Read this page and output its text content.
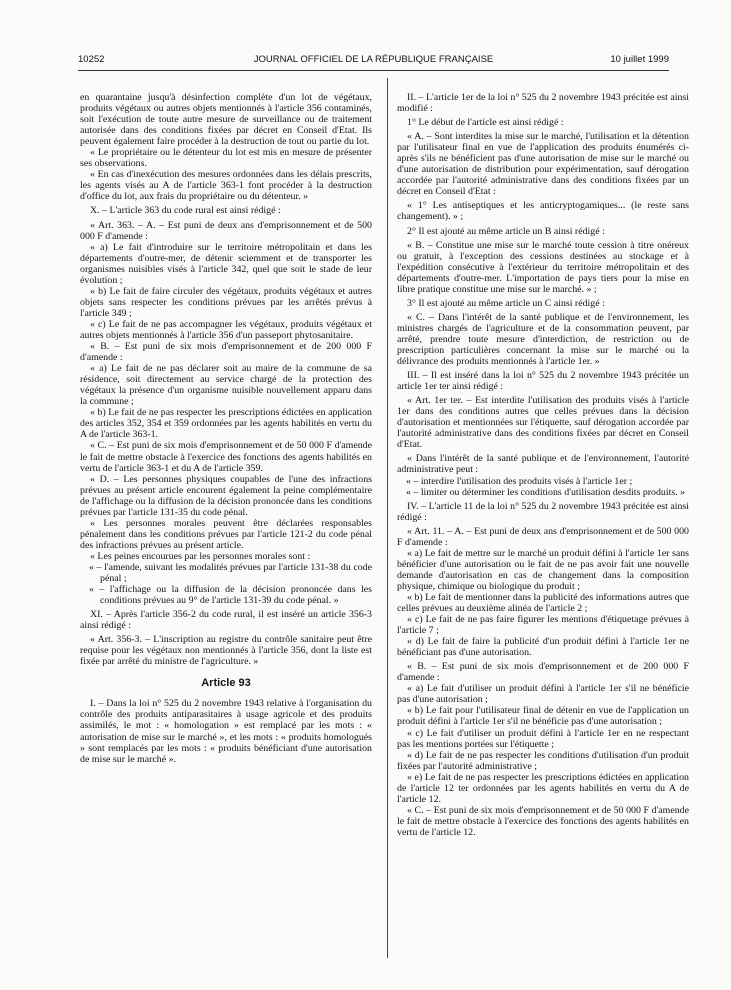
10252	JOURNAL OFFICIEL DE LA RÉPUBLIQUE FRANÇAISE	10 juillet 1999

en quarantaine jusqu'à désinfection complète d'un lot de végétaux, produits végétaux ou autres objets mentionnés à l'article 356 contaminés, soit l'exécution de toute autre mesure de surveillance ou de traitement autorisée dans des conditions fixées par décret en Conseil d'Etat. Ils peuvent également faire procéder à la destruction de tout ou partie du lot.

« Le propriétaire ou le détenteur du lot est mis en mesure de présenter ses observations.

« En cas d'inexécution des mesures ordonnées dans les délais prescrits, les agents visés au A de l'article 363-1 font procéder à la destruction d'office du lot, aux frais du propriétaire ou du détenteur. »

X. – L'article 363 du code rural est ainsi rédigé :

« Art. 363. – A. – Est puni de deux ans d'emprisonnement et de 500 000 F d'amende :

« a) Le fait d'introduire sur le territoire métropolitain et dans les départements d'outre-mer, de détenir sciemment et de transporter les organismes nuisibles visés à l'article 342, quel que soit le stade de leur évolution ;

« b) Le fait de faire circuler des végétaux, produits végétaux et autres objets sans respecter les conditions prévues par les arrêtés prévus à l'article 349 ;

« c) Le fait de ne pas accompagner les végétaux, produits végétaux et autres objets mentionnés à l'article 356 d'un passeport phytosanitaire.

« B. – Est puni de six mois d'emprisonnement et de 200 000 F d'amende :

« a) Le fait de ne pas déclarer soit au maire de la commune de sa résidence, soit directement au service chargé de la protection des végétaux la présence d'un organisme nuisible nouvellement apparu dans la commune ;

« b) Le fait de ne pas respecter les prescriptions édictées en application des articles 352, 354 et 359 ordonnées par les agents habilités en vertu du A de l'article 363-1.

« C. – Est puni de six mois d'emprisonnement et de 50 000 F d'amende le fait de mettre obstacle à l'exercice des fonctions des agents habilités en vertu de l'article 363-1 et du A de l'article 359.

« D. – Les personnes physiques coupables de l'une des infractions prévues au présent article encourent également la peine complémentaire de l'affichage ou la diffusion de la décision prononcée dans les conditions prévues par l'article 131-35 du code pénal.

« Les personnes morales peuvent être déclarées responsables pénalement dans les conditions prévues par l'article 121-2 du code pénal des infractions prévues au présent article.

« Les peines encourues par les personnes morales sont :

« – l'amende, suivant les modalités prévues par l'article 131-38 du code pénal ;

« – l'affichage ou la diffusion de la décision prononcée dans les conditions prévues au 9° de l'article 131-39 du code pénal. »

XI. – Après l'article 356-2 du code rural, il est inséré un article 356-3 ainsi rédigé :

« Art. 356-3. – L'inscription au registre du contrôle sanitaire peut être requise pour les végétaux non mentionnés à l'article 356, dont la liste est fixée par arrêté du ministre de l'agriculture. »

Article 93

I. – Dans la loi n° 525 du 2 novembre 1943 relative à l'organisation du contrôle des produits antiparasitaires à usage agricole et des produits assimilés, le mot : « homologation » est remplacé par les mots : « autorisation de mise sur le marché », et les mots : « produits homologués » sont remplacés par les mots : « produits bénéficiant d'une autorisation de mise sur le marché ».

II. – L'article 1er de la loi n° 525 du 2 novembre 1943 précitée est ainsi modifié :

1° Le début de l'article est ainsi rédigé :

« A. – Sont interdites la mise sur le marché, l'utilisation et la détention par l'utilisateur final en vue de l'application des produits énumérés ci-après s'ils ne bénéficient pas d'une autorisation de mise sur le marché ou d'une autorisation de distribution pour expérimentation, sauf dérogation accordée par l'autorité administrative dans des conditions fixées par un décret en Conseil d'Etat :

« 1° Les antiseptiques et les anticryptogamiques... (le reste sans changement). » ;

2° Il est ajouté au même article un B ainsi rédigé :

« B. – Constitue une mise sur le marché toute cession à titre onéreux ou gratuit, à l'exception des cessions destinées au stockage et à l'expédition consécutive à l'extérieur du territoire métropolitain et des départements d'outre-mer. L'importation de pays tiers pour la mise en libre pratique constitue une mise sur le marché. » ;

3° Il est ajouté au même article un C ainsi rédigé :

« C. – Dans l'intérêt de la santé publique et de l'environnement, les ministres chargés de l'agriculture et de la consommation peuvent, par arrêté, prendre toute mesure d'interdiction, de restriction ou de prescription particulières concernant la mise sur le marché ou la délivrance des produits mentionnés à l'article 1er. »

III. – Il est inséré dans la loi n° 525 du 2 novembre 1943 précitée un article 1er ter ainsi rédigé :

« Art. 1er ter. – Est interdite l'utilisation des produits visés à l'article 1er dans des conditions autres que celles prévues dans la décision d'autorisation et mentionnées sur l'étiquette, sauf dérogation accordée par l'autorité administrative dans des conditions fixées par décret en Conseil d'Etat.

« Dans l'intérêt de la santé publique et de l'environnement, l'autorité administrative peut :

« – interdire l'utilisation des produits visés à l'article 1er ;

« – limiter ou déterminer les conditions d'utilisation desdits produits. »

IV. – L'article 11 de la loi n° 525 du 2 novembre 1943 précitée est ainsi rédigé :

« Art. 11. – A. – Est puni de deux ans d'emprisonnement et de 500 000 F d'amende :

« a) Le fait de mettre sur le marché un produit défini à l'article 1er sans bénéficier d'une autorisation ou le fait de ne pas avoir fait une nouvelle demande d'autorisation en cas de changement dans la composition physique, chimique ou biologique du produit ;

« b) Le fait de mentionner dans la publicité des informations autres que celles prévues au deuxième alinéa de l'article 2 ;

« c) Le fait de ne pas faire figurer les mentions d'étiquetage prévues à l'article 7 ;

« d) Le fait de faire la publicité d'un produit défini à l'article 1er ne bénéficiant pas d'une autorisation.

« B. – Est puni de six mois d'emprisonnement et de 200 000 F d'amende :

« a) Le fait d'utiliser un produit défini à l'article 1er s'il ne bénéficie pas d'une autorisation ;

« b) Le fait pour l'utilisateur final de détenir en vue de l'application un produit défini à l'article 1er s'il ne bénéficie pas d'une autorisation ;

« c) Le fait d'utiliser un produit défini à l'article 1er en ne respectant pas les mentions portées sur l'étiquette ;

« d) Le fait de ne pas respecter les conditions d'utilisation d'un produit fixées par l'autorité administrative ;

« e) Le fait de ne pas respecter les prescriptions édictées en application de l'article 12 ter ordonnées par les agents habilités en vertu du A de l'article 12.

« C. – Est puni de six mois d'emprisonnement et de 50 000 F d'amende le fait de mettre obstacle à l'exercice des fonctions des agents habilités en vertu de l'article 12.
